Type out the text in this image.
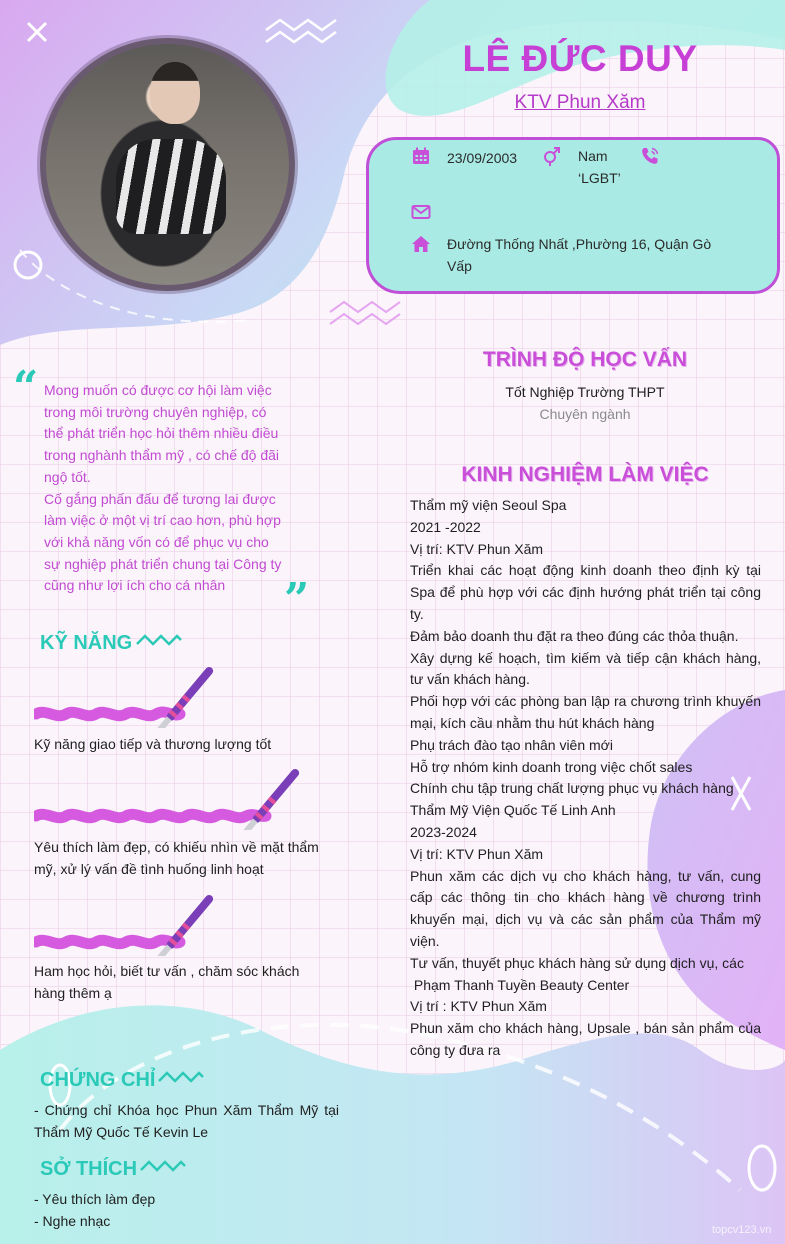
LÊ ĐỨC DUY
KTV Phun Xăm
23/09/2003	Nam
‘LGBT’
Đường Thống Nhất ,Phường 16, Quận Gò
Vấp
“ Mong muốn có được cơ hội làm việc
trong môi trường chuyên nghiệp, có
thể phát triển học hỏi thêm nhiều điều
trong nghành thẩm mỹ , có chế độ đãi
ngộ tốt.
Cố gắng phấn đấu để tương lai được
làm việc ở một vị trí cao hơn, phù hợp
với khả năng vốn có để phục vụ cho
sự nghiệp phát triển chung tại Công ty
cũng như lợi ích cho cá nhân	”
KỸ NĂNG
Kỹ năng giao tiếp và thương lượng tốt
Yêu thích làm đẹp, có khiếu nhìn về mặt thẩm mỹ, xử lý vấn đề tình huống linh hoạt
Ham học hỏi, biết tư vấn , chăm sóc khách hàng thêm ạ
CHỨNG CHỈ
- Chứng chỉ Khóa học Phun Xăm Thẩm Mỹ tại Thẩm Mỹ Quốc Tế Kevin Le
SỞ THÍCH
- Yêu thích làm đẹp
- Nghe nhạc
TRÌNH ĐỘ HỌC VẤN
Tốt Nghiệp Trường THPT
Chuyên ngành
KINH NGHIỆM LÀM VIỆC
Thẩm mỹ viện Seoul Spa
2021 -2022
Vị trí: KTV Phun Xăm
Triển khai các hoạt động kinh doanh theo định kỳ tại Spa để phù hợp với các định hướng phát triển tại công ty.
Đảm bảo doanh thu đặt ra theo đúng các thỏa thuận.
Xây dựng kế hoạch, tìm kiếm và tiếp cận khách hàng, tư vấn khách hàng.
Phối hợp với các phòng ban lập ra chương trình khuyến mại, kích cầu nhằm thu hút khách hàng
Phụ trách đào tạo nhân viên mới
Hỗ trợ nhóm kinh doanh trong việc chốt sales
Chính chu tập trung chất lượng phục vụ khách hàng
Thẩm Mỹ Viện Quốc Tế Linh Anh
2023-2024
Vị trí: KTV Phun Xăm
Phun xăm các dịch vụ cho khách hàng, tư vấn, cung cấp các thông tin cho khách hàng về chương trình khuyến mại, dịch vụ và các sản phẩm của Thẩm mỹ viện.
Tư vấn, thuyết phục khách hàng sử dụng dịch vụ, các
Phạm Thanh Tuyền Beauty Center
Vị trí : KTV Phun Xăm
Phun xăm cho khách hàng, Upsale , bán sản phẩm của công ty đưa ra
topcv123.vn
